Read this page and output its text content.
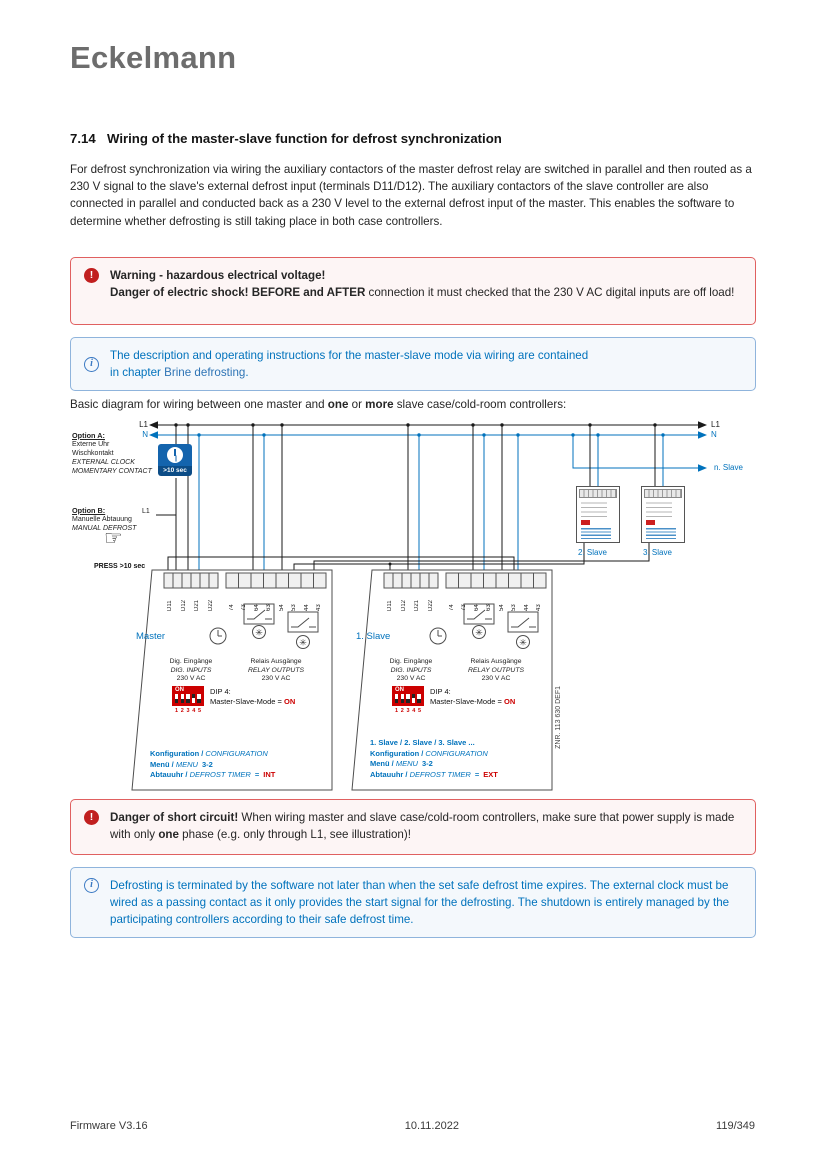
Eckelmann
7.14 Wiring of the master-slave function for defrost synchronization

For defrost synchronization via wiring the auxiliary contactors of the master defrost relay are switched in parallel and then routed as a 230 V signal to the slave's external defrost input (terminals D11/D12). The auxiliary contactors of the slave controller are also connected in parallel and conducted back as a 230 V level to the external defrost input of the master. This enables the software to determine whether defrosting is still taking place in both case controllers.

!	Warning - hazardous electrical voltage!
Danger of electric shock! BEFORE and AFTER connection it must checked that the 230 V AC digital inputs are off load!
i
The description and operating instructions for the master-slave mode via wiring are contained
in chapter Brine defrosting.
Basic diagram for wiring between one master and one or more slave case/cold-room controllers:
✳
✳
✳
✳
L1
N
L1
N
n. Slave
Option A:
Externe Uhr
Wischkontakt
EXTERNAL CLOCK
MOMENTARY CONTACT	>10 sec
Option B:
Manuelle Abtauung
MANUAL DEFROST
L1
☞
PRESS >10 sec
Master	1. Slave
D11 D12 D21 D22	74 73 64 63 54 53 44 43	D11 D12 D21 D22	74 73 64 63 54 53 44 43
Dig. Eingänge
DIG. INPUTS
230 V AC
Relais Ausgänge
RELAY OUTPUTS
230 V AC
Dig. Eingänge
DIG. INPUTS
230 V AC
Relais Ausgänge
RELAY OUTPUTS
230 V AC
ON
1 2 3 4 5
DIP 4:
Master-Slave-Mode = ON
ON
1 2 3 4 5
DIP 4:
Master-Slave-Mode = ON
Konfiguration / CONFIGURATION
Menü / MENU 3-2
Abtauuhr / DEFROST TIMER = INT
1. Slave / 2. Slave / 3. Slave ...
Konfiguration / CONFIGURATION
Menü / MENU 3-2
Abtauuhr / DEFROST TIMER = EXT
ZNR. 113 630 DEF1
2. Slave	3. Slave
!	Danger of short circuit! When wiring master and slave case/cold-room controllers, make sure that power supply is made with only one phase (e.g. only through L1, see illustration)!
i	Defrosting is terminated by the software not later than when the set safe defrost time expires. The external clock must be wired as a passing contact as it only provides the start signal for the defrosting. The shutdown is entirely managed by the participating controllers according to their safe defrost time.
Firmware V3.16	10.11.2022	119/349
